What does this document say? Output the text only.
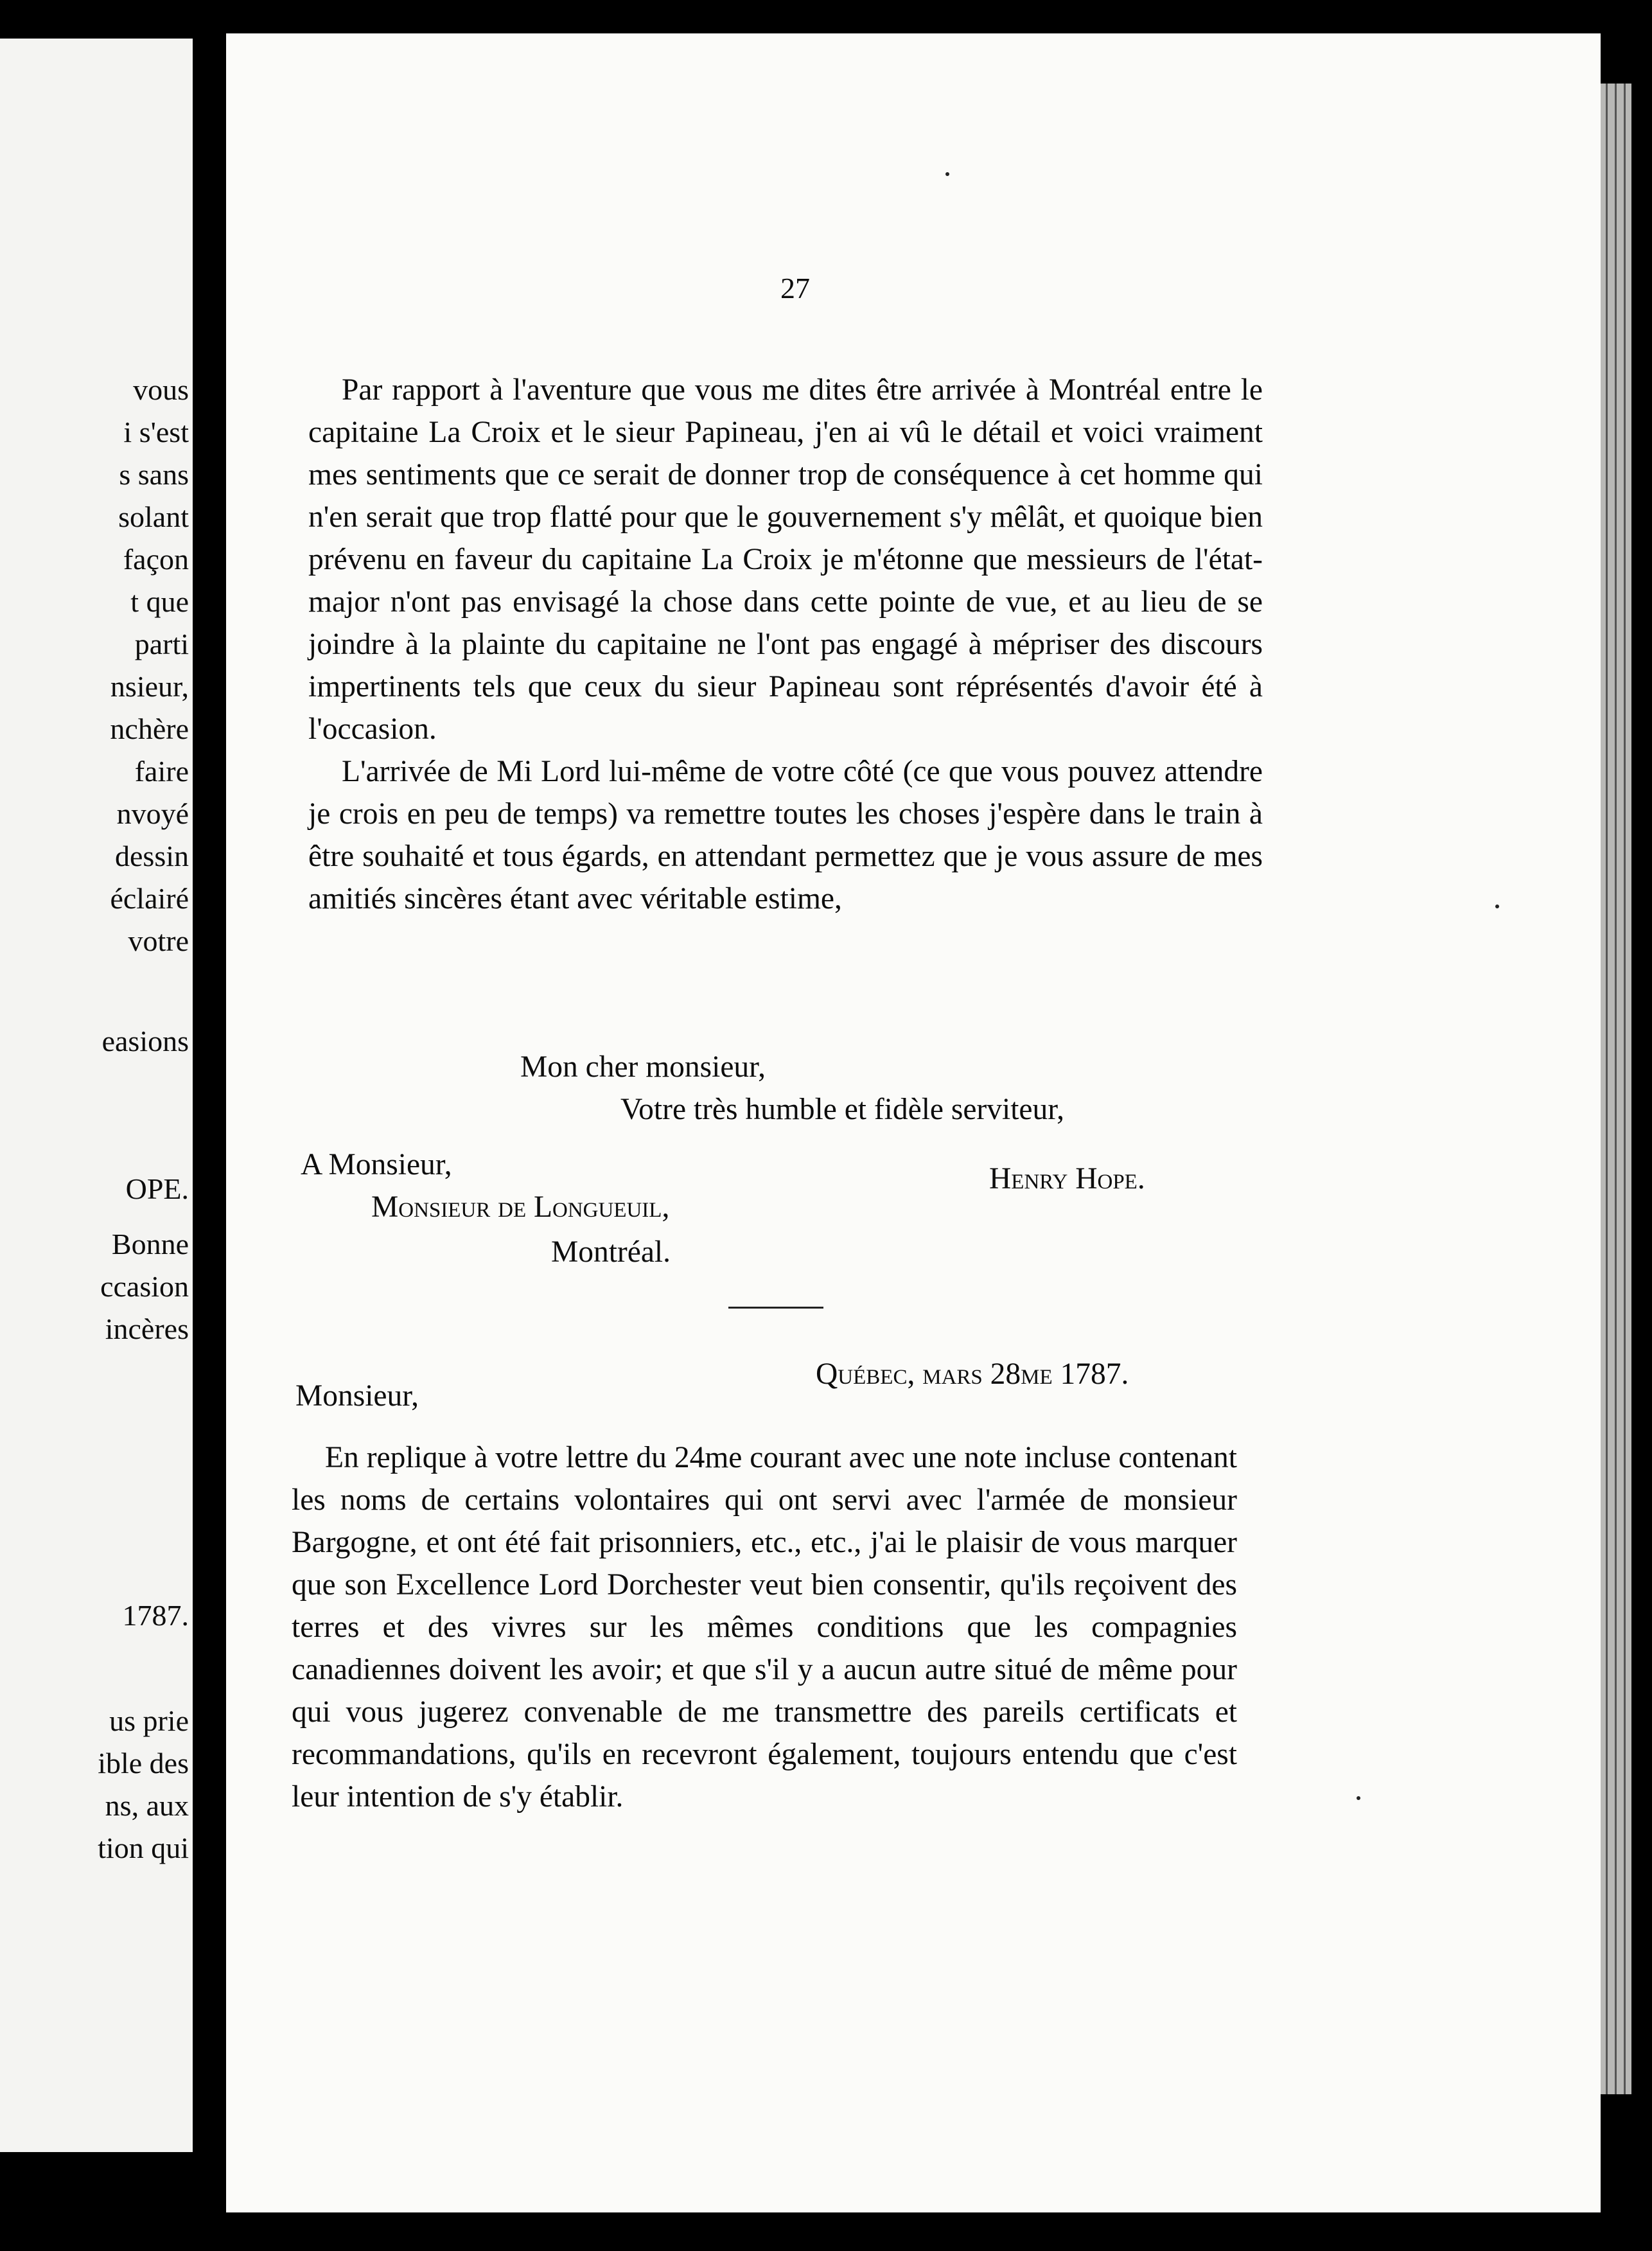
vous
i s'est
s sans
solant
façon
t que
parti
nsieur,
nchère
faire
nvoyé
dessin
éclairé
votre
easions
OPE.
Bonne
ccasion
incères
1787.
us prie
ible des
ns, aux
tion qui
27

Par rapport à l'aventure que vous me dites être arrivée à Montréal entre le capitaine La Croix et le sieur Papineau, j'en ai vû le détail et voici vraiment mes sentiments que ce serait de donner trop de conséquence à cet homme qui n'en serait que trop flatté pour que le gouvernement s'y mêlât, et quoique bien prévenu en faveur du capitaine La Croix je m'étonne que messieurs de l'état-major n'ont pas envisagé la chose dans cette pointe de vue, et au lieu de se joindre à la plainte du capitaine ne l'ont pas engagé à mépriser des discours impertinents tels que ceux du sieur Papineau sont réprésentés d'avoir été à l'occasion.

L'arrivée de Mi Lord lui-même de votre côté (ce que vous pouvez attendre je crois en peu de temps) va remettre toutes les choses j'espère dans le train à être souhaité et tous égards, en attendant permettez que je vous assure de mes amitiés sincères étant avec véritable estime,

Mon cher monsieur,
Votre très humble et fidèle serviteur,
A Monsieur,	Henry Hope.
Monsieur de Longueuil,
Montréal.
Québec, mars 28me 1787.
Monsieur,

En replique à votre lettre du 24me courant avec une note incluse contenant les noms de certains volontaires qui ont servi avec l'armée de monsieur Bargogne, et ont été fait prisonniers, etc., etc., j'ai le plaisir de vous marquer que son Excellence Lord Dorchester veut bien consentir, qu'ils reçoivent des terres et des vivres sur les mêmes conditions que les compagnies canadiennes doivent les avoir; et que s'il y a aucun autre situé de même pour qui vous jugerez convenable de me transmettre des pareils certificats et recommandations, qu'ils en recevront également, toujours entendu que c'est leur intention de s'y établir.
